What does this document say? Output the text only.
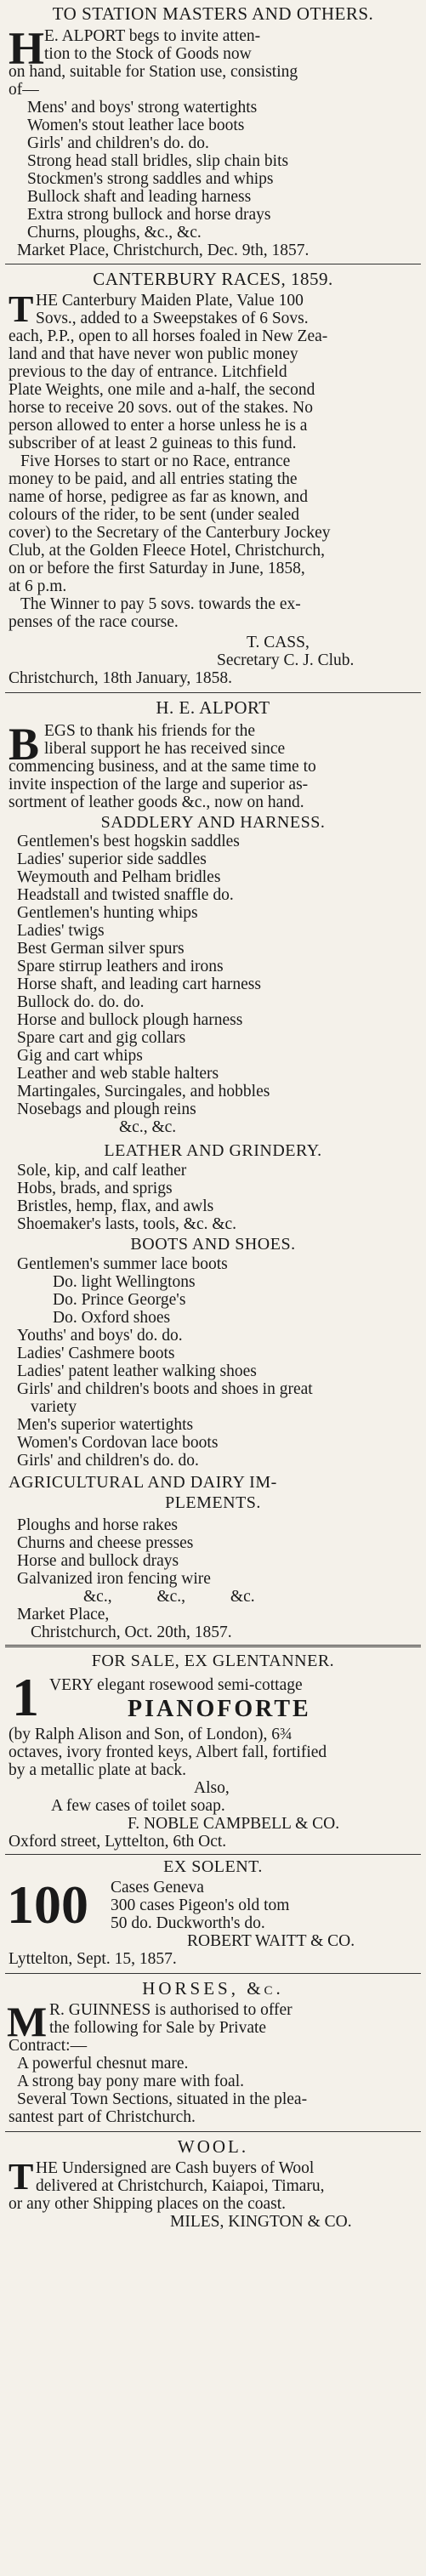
TO STATION MASTERS AND OTHERS.
H E. ALPORT begs to invite atten-
tion to the Stock of Goods now
on hand, suitable for Station use, consisting
of—
Mens' and boys' strong watertights
Women's stout leather lace boots
Girls' and children's do. do.
Strong head stall bridles, slip chain bits
Stockmen's strong saddles and whips
Bullock shaft and leading harness
Extra strong bullock and horse drays
Churns, ploughs, &c., &c.
Market Place, Christchurch, Dec. 9th, 1857.
CANTERBURY RACES, 1859.
T HE Canterbury Maiden Plate, Value 100
Sovs., added to a Sweepstakes of 6 Sovs.
each, P.P., open to all horses foaled in New Zea-
land and that have never won public money
previous to the day of entrance. Litchfield
Plate Weights, one mile and a-half, the second
horse to receive 20 sovs. out of the stakes. No
person allowed to enter a horse unless he is a
subscriber of at least 2 guineas to this fund.
Five Horses to start or no Race, entrance
money to be paid, and all entries stating the
name of horse, pedigree as far as known, and
colours of the rider, to be sent (under sealed
cover) to the Secretary of the Canterbury Jockey
Club, at the Golden Fleece Hotel, Christchurch,
on or before the first Saturday in June, 1858,
at 6 p.m.
The Winner to pay 5 sovs. towards the ex-
penses of the race course.
T. CASS,
Secretary C. J. Club.
Christchurch, 18th January, 1858.
H. E. ALPORT
B EGS to thank his friends for the
liberal support he has received since
commencing business, and at the same time to
invite inspection of the large and superior as-
sortment of leather goods &c., now on hand.
SADDLERY AND HARNESS.
Gentlemen's best hogskin saddles
Ladies' superior side saddles
Weymouth and Pelham bridles
Headstall and twisted snaffle do.
Gentlemen's hunting whips
Ladies' twigs
Best German silver spurs
Spare stirrup leathers and irons
Horse shaft, and leading cart harness
Bullock do. do. do.
Horse and bullock plough harness
Spare cart and gig collars
Gig and cart whips
Leather and web stable halters
Martingales, Surcingales, and hobbles
Nosebags and plough reins
&c., &c.
LEATHER AND GRINDERY.
Sole, kip, and calf leather
Hobs, brads, and sprigs
Bristles, hemp, flax, and awls
Shoemaker's lasts, tools, &c. &c.
BOOTS AND SHOES.
Gentlemen's summer lace boots
Do. light Wellingtons
Do. Prince George's
Do. Oxford shoes
Youths' and boys' do. do.
Ladies' Cashmere boots
Ladies' patent leather walking shoes
Girls' and children's boots and shoes in great
variety
Men's superior watertights
Women's Cordovan lace boots
Girls' and children's do. do.
AGRICULTURAL AND DAIRY IM-
PLEMENTS.
Ploughs and horse rakes
Churns and cheese presses
Horse and bullock drays
Galvanized iron fencing wire
&c., &c., &c.
Market Place,
Christchurch, Oct. 20th, 1857.
FOR SALE, EX GLENTANNER.
1 VERY elegant rosewood semi-cottage
PIANOFORTE
(by Ralph Alison and Son, of London), 6¾
octaves, ivory fronted keys, Albert fall, fortified
by a metallic plate at back.
Also,
A few cases of toilet soap.
F. NOBLE CAMPBELL & CO.
Oxford street, Lyttelton, 6th Oct.
EX SOLENT.
100 Cases Geneva
300 cases Pigeon's old tom
50 do. Duckworth's do.
ROBERT WAITT & CO.
Lyttelton, Sept. 15, 1857.
HORSES, &c.
M R. GUINNESS is authorised to offer
the following for Sale by Private
Contract:—
A powerful chesnut mare.
A strong bay pony mare with foal.
Several Town Sections, situated in the plea-
santest part of Christchurch.
WOOL.
T HE Undersigned are Cash buyers of Wool
delivered at Christchurch, Kaiapoi, Timaru,
or any other Shipping places on the coast.
MILES, KINGTON & CO.
